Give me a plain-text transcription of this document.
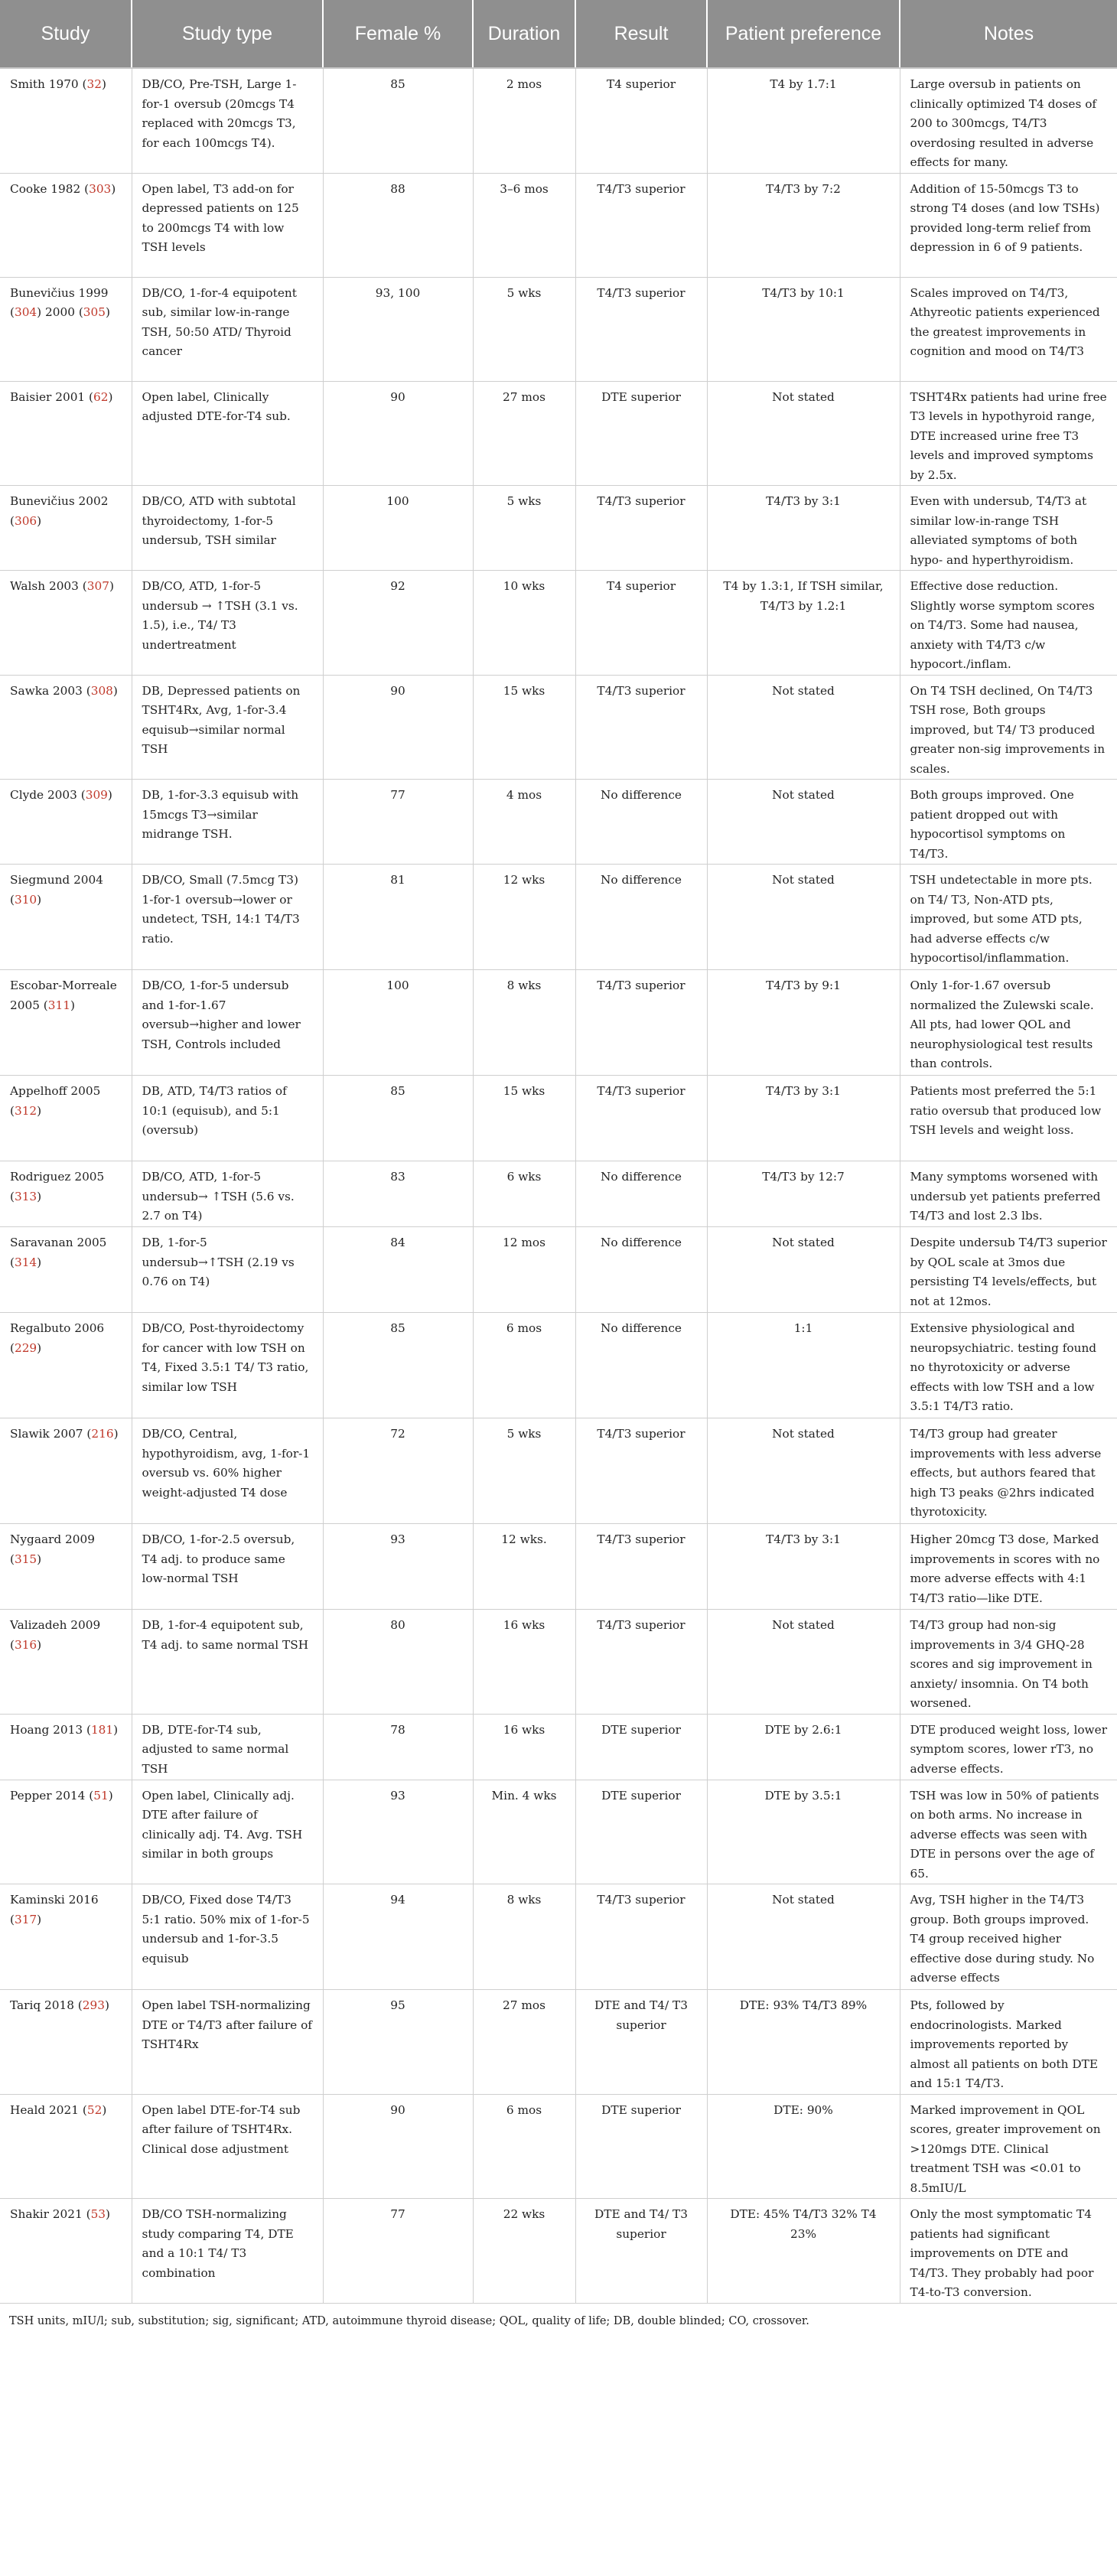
Study	Study type	Female %	Duration	Result	Patient preference	Notes
Smith 1970 (32)	DB/CO, Pre-TSH, Large 1-for-1 oversub (20mcgs T4 replaced with 20mcgs T3, for each 100mcgs T4).	85	2 mos	T4 superior	T4 by 1.7:1	Large oversub in patients on clinically optimized T4 doses of 200 to 300mcgs, T4/T3 overdosing resulted in adverse effects for many.
Cooke 1982 (303)	Open label, T3 add-on for depressed patients on 125 to 200mcgs T4 with low TSH levels	88	3–6 mos	T4/T3 superior	T4/T3 by 7:2	Addition of 15-50mcgs T3 to strong T4 doses (and low TSHs) provided long-term relief from depression in 6 of 9 patients.
Bunevičius 1999 (304) 2000 (305)	DB/CO, 1-for-4 equipotent sub, similar low-in-range TSH, 50:50 ATD/ Thyroid cancer	93, 100	5 wks	T4/T3 superior	T4/T3 by 10:1	Scales improved on T4/T3, Athyreotic patients experienced the greatest improvements in cognition and mood on T4/T3
Baisier 2001 (62)	Open label, Clinically adjusted DTE-for-T4 sub.	90	27 mos	DTE superior	Not stated	TSHT4Rx patients had urine free T3 levels in hypothyroid range, DTE increased urine free T3 levels and improved symptoms by 2.5x.
Bunevičius 2002 (306)	DB/CO, ATD with subtotal thyroidectomy, 1-for-5 undersub, TSH similar	100	5 wks	T4/T3 superior	T4/T3 by 3:1	Even with undersub, T4/T3 at similar low-in-range TSH alleviated symptoms of both hypo- and hyperthyroidism.
Walsh 2003 (307)	DB/CO, ATD, 1-for-5 undersub → ↑TSH (3.1 vs. 1.5), i.e., T4/ T3 undertreatment	92	10 wks	T4 superior	T4 by 1.3:1, If TSH similar, T4/T3 by 1.2:1	Effective dose reduction. Slightly worse symptom scores on T4/T3. Some had nausea, anxiety with T4/T3 c/w hypocort./inflam.
Sawka 2003 (308)	DB, Depressed patients on TSHT4Rx, Avg, 1-for-3.4 equisub→similar normal TSH	90	15 wks	T4/T3 superior	Not stated	On T4 TSH declined, On T4/T3 TSH rose, Both groups improved, but T4/ T3 produced greater non-sig improvements in scales.
Clyde 2003 (309)	DB, 1-for-3.3 equisub with 15mcgs T3→similar midrange TSH.	77	4 mos	No difference	Not stated	Both groups improved. One patient dropped out with hypocortisol symptoms on T4/T3.
Siegmund 2004 (310)	DB/CO, Small (7.5mcg T3) 1-for-1 oversub→lower or undetect, TSH, 14:1 T4/T3 ratio.	81	12 wks	No difference	Not stated	TSH undetectable in more pts. on T4/ T3, Non-ATD pts, improved, but some ATD pts, had adverse effects c/w hypocortisol/inflammation.
Escobar-Morreale 2005 (311)	DB/CO, 1-for-5 undersub and 1-for-1.67 oversub→higher and lower TSH, Controls included	100	8 wks	T4/T3 superior	T4/T3 by 9:1	Only 1-for-1.67 oversub normalized the Zulewski scale. All pts, had lower QOL and neurophysiological test results than controls.
Appelhoff 2005 (312)	DB, ATD, T4/T3 ratios of 10:1 (equisub), and 5:1 (oversub)	85	15 wks	T4/T3 superior	T4/T3 by 3:1	Patients most preferred the 5:1 ratio oversub that produced low TSH levels and weight loss.
Rodriguez 2005 (313)	DB/CO, ATD, 1-for-5 undersub→ ↑TSH (5.6 vs. 2.7 on T4)	83	6 wks	No difference	T4/T3 by 12:7	Many symptoms worsened with undersub yet patients preferred T4/T3 and lost 2.3 lbs.
Saravanan 2005 (314)	DB, 1-for-5 undersub→↑TSH (2.19 vs 0.76 on T4)	84	12 mos	No difference	Not stated	Despite undersub T4/T3 superior by QOL scale at 3mos due persisting T4 levels/effects, but not at 12mos.
Regalbuto 2006 (229)	DB/CO, Post-thyroidectomy for cancer with low TSH on T4, Fixed 3.5:1 T4/ T3 ratio, similar low TSH	85	6 mos	No difference	1:1	Extensive physiological and neuropsychiatric. testing found no thyrotoxicity or adverse effects with low TSH and a low 3.5:1 T4/T3 ratio.
Slawik 2007 (216)	DB/CO, Central, hypothyroidism, avg, 1-for-1 oversub vs. 60% higher weight-adjusted T4 dose	72	5 wks	T4/T3 superior	Not stated	T4/T3 group had greater improvements with less adverse effects, but authors feared that high T3 peaks @2hrs indicated thyrotoxicity.
Nygaard 2009 (315)	DB/CO, 1-for-2.5 oversub, T4 adj. to produce same low-normal TSH	93	12 wks.	T4/T3 superior	T4/T3 by 3:1	Higher 20mcg T3 dose, Marked improvements in scores with no more adverse effects with 4:1 T4/T3 ratio—like DTE.
Valizadeh 2009 (316)	DB, 1-for-4 equipotent sub, T4 adj. to same normal TSH	80	16 wks	T4/T3 superior	Not stated	T4/T3 group had non-sig improvements in 3/4 GHQ-28 scores and sig improvement in anxiety/ insomnia. On T4 both worsened.
Hoang 2013 (181)	DB, DTE-for-T4 sub, adjusted to same normal TSH	78	16 wks	DTE superior	DTE by 2.6:1	DTE produced weight loss, lower symptom scores, lower rT3, no adverse effects.
Pepper 2014 (51)	Open label, Clinically adj. DTE after failure of clinically adj. T4. Avg. TSH similar in both groups	93	Min. 4 wks	DTE superior	DTE by 3.5:1	TSH was low in 50% of patients on both arms. No increase in adverse effects was seen with DTE in persons over the age of 65.
Kaminski 2016 (317)	DB/CO, Fixed dose T4/T3 5:1 ratio. 50% mix of 1-for-5 undersub and 1-for-3.5 equisub	94	8 wks	T4/T3 superior	Not stated	Avg, TSH higher in the T4/T3 group. Both groups improved. T4 group received higher effective dose during study. No adverse effects
Tariq 2018 (293)	Open label TSH-normalizing DTE or T4/T3 after failure of TSHT4Rx	95	27 mos	DTE and T4/ T3 superior	DTE: 93% T4/T3 89%	Pts, followed by endocrinologists. Marked improvements reported by almost all patients on both DTE and 15:1 T4/T3.
Heald 2021 (52)	Open label DTE-for-T4 sub after failure of TSHT4Rx. Clinical dose adjustment	90	6 mos	DTE superior	DTE: 90%	Marked improvement in QOL scores, greater improvement on >120mgs DTE. Clinical treatment TSH was <0.01 to 8.5mIU/L
Shakir 2021 (53)	DB/CO TSH-normalizing study comparing T4, DTE and a 10:1 T4/ T3 combination	77	22 wks	DTE and T4/ T3 superior	DTE: 45% T4/T3 32% T4 23%	Only the most symptomatic T4 patients had significant improvements on DTE and T4/T3. They probably had poor T4-to-T3 conversion.
TSH units, mIU/l; sub, substitution; sig, significant; ATD, autoimmune thyroid disease; QOL, quality of life; DB, double blinded; CO, crossover.
